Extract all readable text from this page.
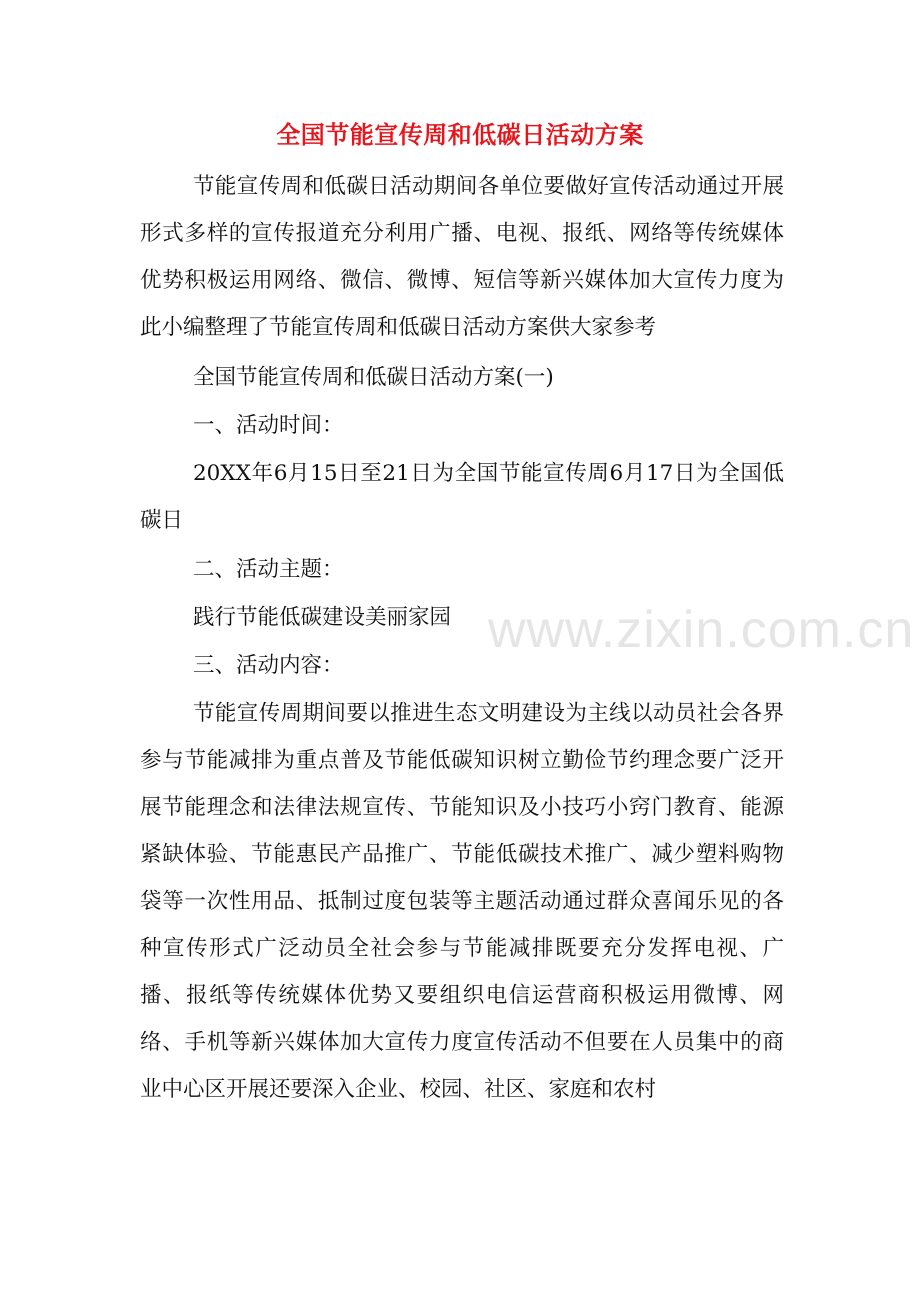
全国节能宣传周和低碳日活动方案

节能宣传周和低碳日活动期间各单位要做好宣传活动通过开展形式多样的宣传报道充分利用广播、电视、报纸、网络等传统媒体优势积极运用网络、微信、微博、短信等新兴媒体加大宣传力度为此小编整理了节能宣传周和低碳日活动方案供大家参考

全国节能宣传周和低碳日活动方案(一)

一、活动时间：

20XX年6月15日至21日为全国节能宣传周6月17日为全国低碳日

二、活动主题：

践行节能低碳建设美丽家园

三、活动内容：

节能宣传周期间要以推进生态文明建设为主线以动员社会各界参与节能减排为重点普及节能低碳知识树立勤俭节约理念要广泛开展节能理念和法律法规宣传、节能知识及小技巧小窍门教育、能源紧缺体验、节能惠民产品推广、节能低碳技术推广、减少塑料购物袋等一次性用品、抵制过度包装等主题活动通过群众喜闻乐见的各种宣传形式广泛动员全社会参与节能减排既要充分发挥电视、广播、报纸等传统媒体优势又要组织电信运营商积极运用微博、网络、手机等新兴媒体加大宣传力度宣传活动不但要在人员集中的商业中心区开展还要深入企业、校园、社区、家庭和农村

www.zixin.com.cn
